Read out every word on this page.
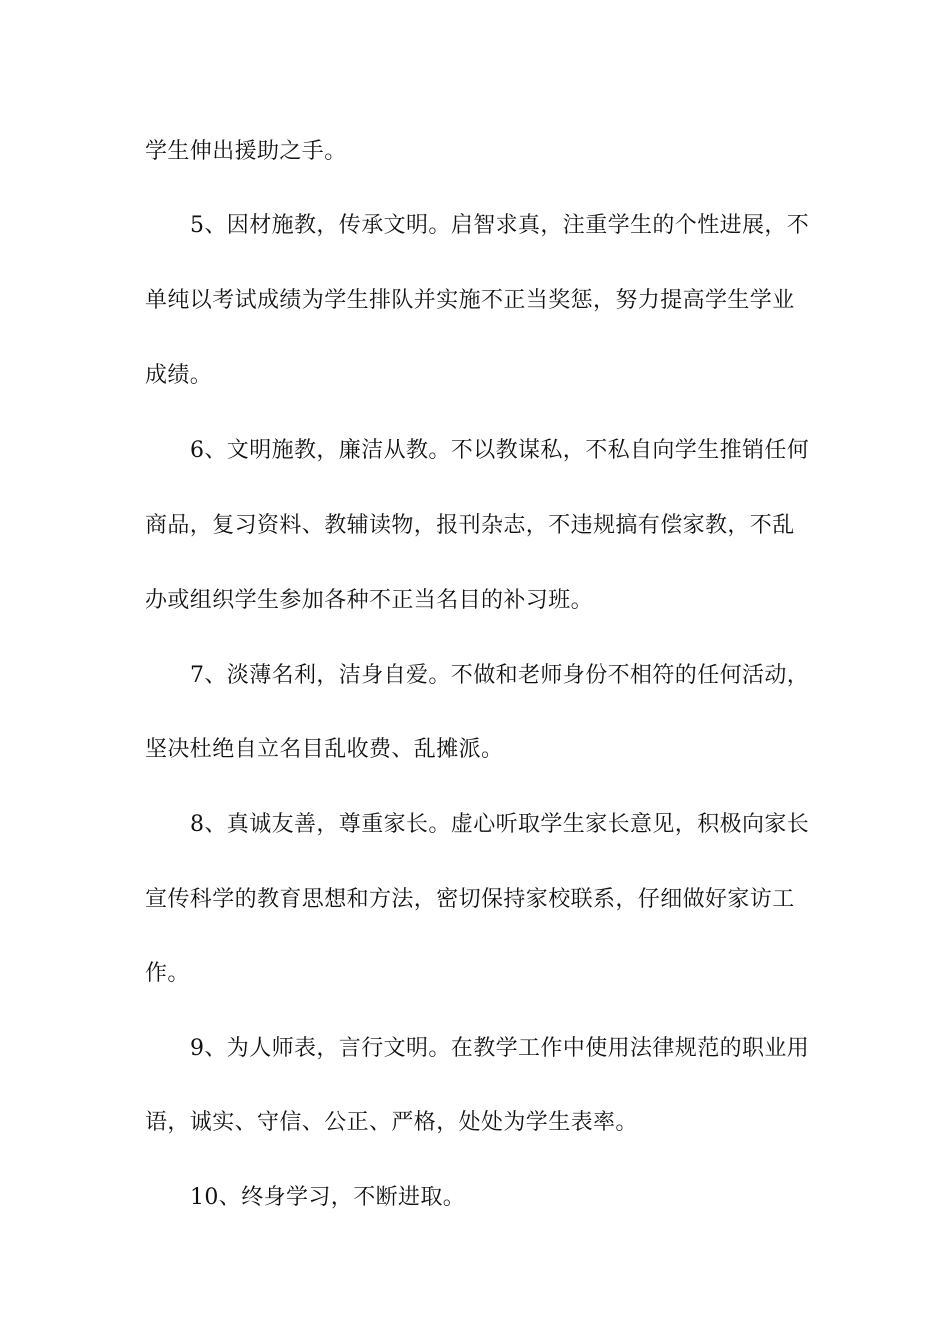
学生伸出援助之手。
5、因材施教，传承文明。启智求真，注重学生的个性进展，不
单纯以考试成绩为学生排队并实施不正当奖惩，努力提高学生学业
成绩。
6、文明施教，廉洁从教。不以教谋私，不私自向学生推销任何
商品，复习资料、教辅读物，报刊杂志，不违规搞有偿家教，不乱
办或组织学生参加各种不正当名目的补习班。
7、淡薄名利，洁身自爱。不做和老师身份不相符的任何活动，
坚决杜绝自立名目乱收费、乱摊派。
8、真诚友善，尊重家长。虚心听取学生家长意见，积极向家长
宣传科学的教育思想和方法，密切保持家校联系，仔细做好家访工
作。
9、为人师表，言行文明。在教学工作中使用法律规范的职业用
语，诚实、守信、公正、严格，处处为学生表率。
10、终身学习，不断进取。
